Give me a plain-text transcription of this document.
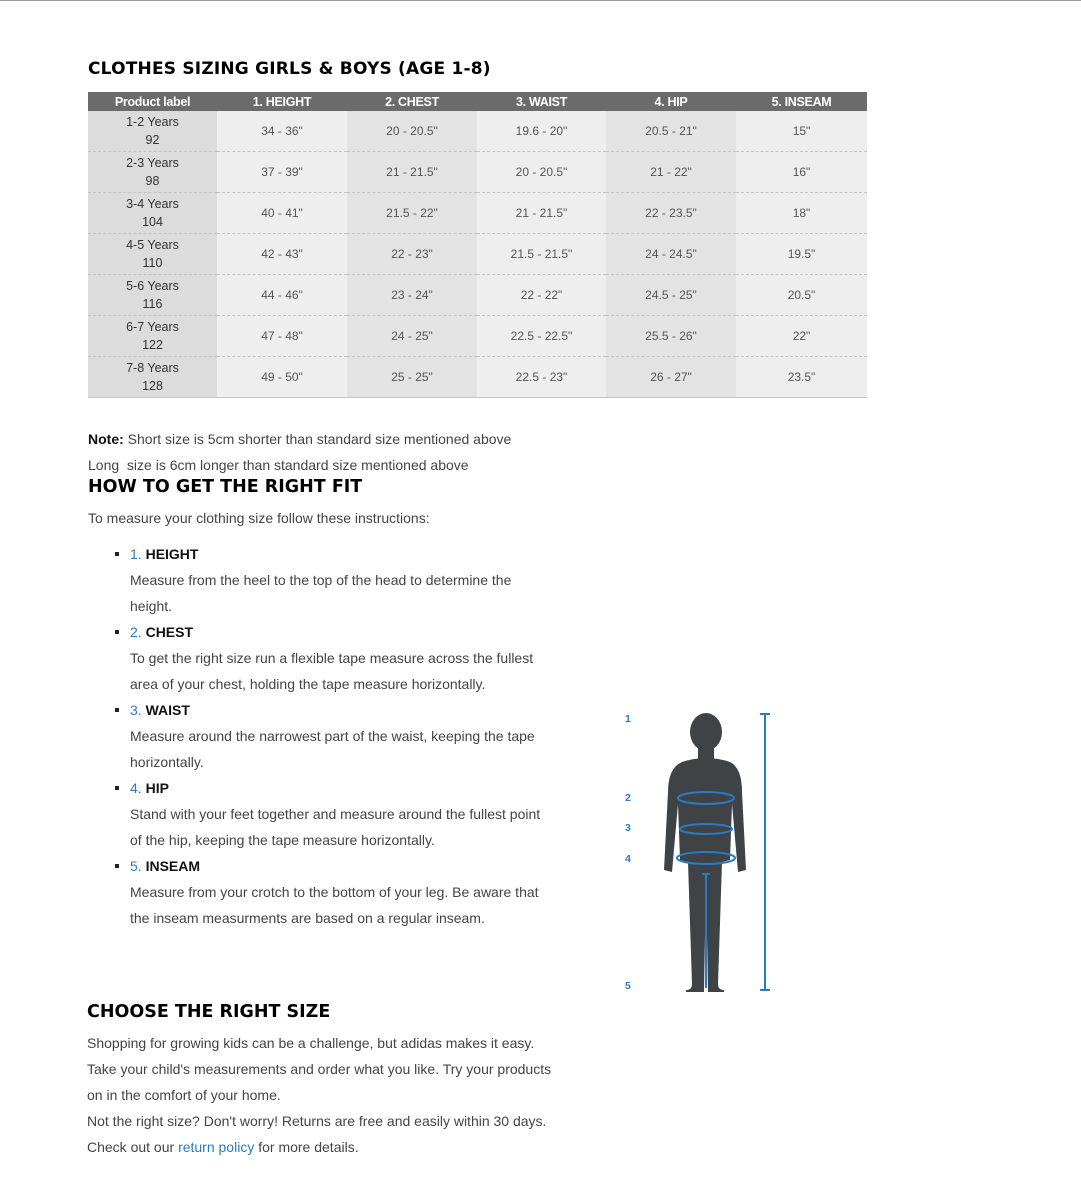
CLOTHES SIZING GIRLS & BOYS (AGE 1-8)
Product label	1. HEIGHT	2. CHEST	3. WAIST	4. HIP	5. INSEAM

1-2 Years
92	34 - 36"	20 - 20.5"	19.6 - 20"	20.5 - 21"	15"

2-3 Years
98	37 - 39"	21 - 21.5"	20 - 20.5"	21 - 22"	16"

3-4 Years
104	40 - 41"	21.5 - 22"	21 - 21.5"	22 - 23.5"	18"

4-5 Years
110	42 - 43"	22 - 23"	21.5 - 21.5"	24 - 24.5"	19.5"

5-6 Years
116	44 - 46"	23 - 24"	22 - 22"	24.5 - 25"	20.5"

6-7 Years
122	47 - 48"	24 - 25"	22.5 - 22.5"	25.5 - 26"	22"

7-8 Years
128	49 - 50"	25 - 25"	22.5 - 23"	26 - 27"	23.5"

Note: Short size is 5cm shorter than standard size mentioned above

Long  size is 6cm longer than standard size mentioned above

HOW TO GET THE RIGHT FIT

To measure your clothing size follow these instructions:

1. HEIGHT
Measure from the heel to the top of the head to determine the height.
2. CHEST
To get the right size run a flexible tape measure across the fullest area of your chest, holding the tape measure horizontally.
3. WAIST
Measure around the narrowest part of the waist, keeping the tape horizontally.
4. HIP
Stand with your feet together and measure around the fullest point of the hip, keeping the tape measure horizontally.
5. INSEAM
Measure from your crotch to the bottom of your leg. Be aware that the inseam measurments are based on a regular inseam.
1
2
3
4
5
CHOOSE THE RIGHT SIZE

Shopping for growing kids can be a challenge, but adidas makes it easy. Take your child's measurements and order what you like. Try your products on in the comfort of your home.

Not the right size? Don't worry! Returns are free and easily within 30 days. Check out our return policy for more details.
